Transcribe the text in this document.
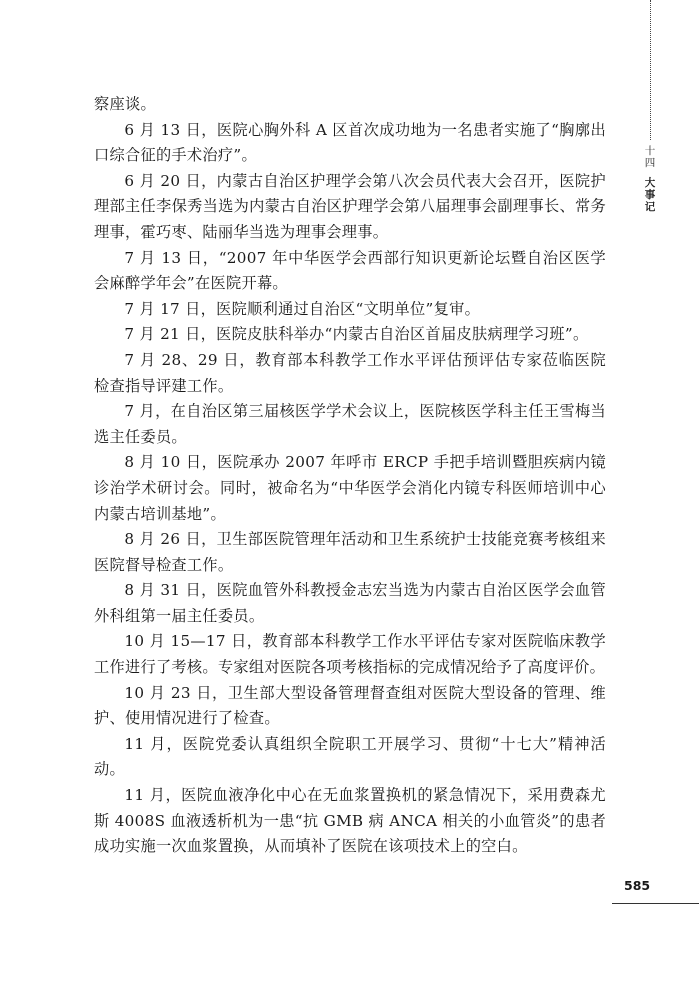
察座谈。

6 月 13 日，医院心胸外科 A 区首次成功地为一名患者实施了“胸廓出口综合征的手术治疗”。

6 月 20 日，内蒙古自治区护理学会第八次会员代表大会召开，医院护理部主任李保秀当选为内蒙古自治区护理学会第八届理事会副理事长、常务理事，霍巧枣、陆丽华当选为理事会理事。

7 月 13 日，“2007 年中华医学会西部行知识更新论坛暨自治区医学会麻醉学年会”在医院开幕。

7 月 17 日，医院顺利通过自治区“文明单位”复审。

7 月 21 日，医院皮肤科举办“内蒙古自治区首届皮肤病理学习班”。

7 月 28、29 日，教育部本科教学工作水平评估预评估专家莅临医院检查指导评建工作。

7 月，在自治区第三届核医学学术会议上，医院核医学科主任王雪梅当选主任委员。

8 月 10 日，医院承办 2007 年呼市 ERCP 手把手培训暨胆疾病内镜诊治学术研讨会。同时，被命名为“中华医学会消化内镜专科医师培训中心内蒙古培训基地”。

8 月 26 日，卫生部医院管理年活动和卫生系统护士技能竞赛考核组来医院督导检查工作。

8 月 31 日，医院血管外科教授金志宏当选为内蒙古自治区医学会血管外科组第一届主任委员。

10 月 15—17 日，教育部本科教学工作水平评估专家对医院临床教学工作进行了考核。专家组对医院各项考核指标的完成情况给予了高度评价。

10 月 23 日，卫生部大型设备管理督查组对医院大型设备的管理、维护、使用情况进行了检查。

11 月，医院党委认真组织全院职工开展学习、贯彻“十七大”精神活动。

11 月，医院血液净化中心在无血浆置换机的紧急情况下，采用费森尤斯 4008S 血液透析机为一患“抗 GMB 病 ANCA 相关的小血管炎”的患者成功实施一次血浆置换，从而填补了医院在该项技术上的空白。

十
四
大
事
记
585
